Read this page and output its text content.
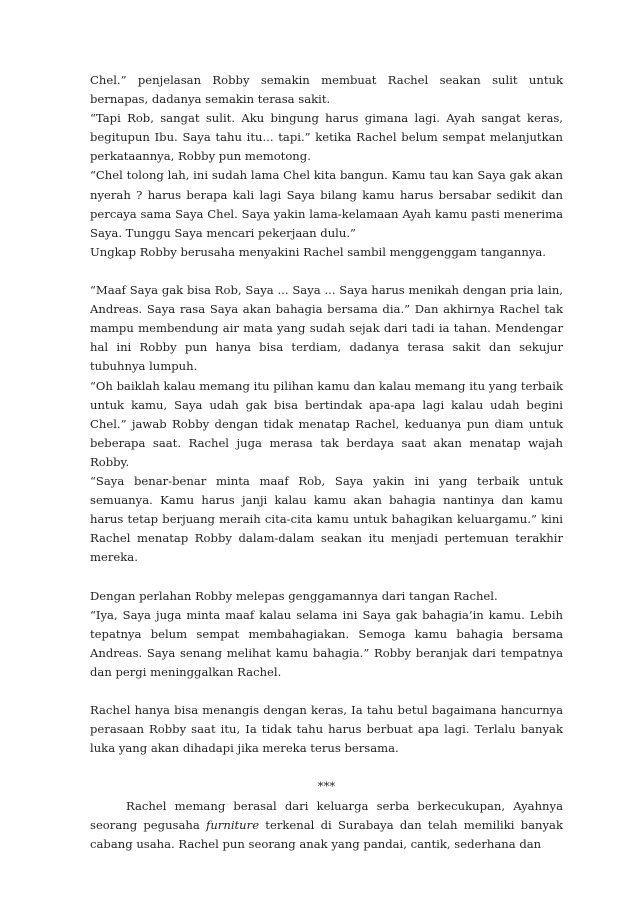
Chel.” penjelasan Robby semakin membuat Rachel seakan sulit untuk bernapas, dadanya semakin terasa sakit.

“Tapi Rob, sangat sulit. Aku bingung harus gimana lagi. Ayah sangat keras, begitupun Ibu. Saya tahu itu... tapi.” ketika Rachel belum sempat melanjutkan perkataannya, Robby pun memotong.

“Chel tolong lah, ini sudah lama Chel kita bangun. Kamu tau kan Saya gak akan nyerah ? harus berapa kali lagi Saya bilang kamu harus bersabar sedikit dan percaya sama Saya Chel. Saya yakin lama-kelamaan Ayah kamu pasti menerima Saya. Tunggu Saya mencari pekerjaan dulu.”

Ungkap Robby berusaha menyakini Rachel sambil menggenggam tangannya.

“Maaf Saya gak bisa Rob, Saya ... Saya ... Saya harus menikah dengan pria lain, Andreas. Saya rasa Saya akan bahagia bersama dia.” Dan akhirnya Rachel tak mampu membendung air mata yang sudah sejak dari tadi ia tahan. Mendengar hal ini Robby pun hanya bisa terdiam, dadanya terasa sakit dan sekujur tubuhnya lumpuh.

“Oh baiklah kalau memang itu pilihan kamu dan kalau memang itu yang terbaik untuk kamu, Saya udah gak bisa bertindak apa-apa lagi kalau udah begini Chel.” jawab Robby dengan tidak menatap Rachel, keduanya pun diam untuk beberapa saat. Rachel juga merasa tak berdaya saat akan menatap wajah Robby.

“Saya benar-benar minta maaf Rob, Saya yakin ini yang terbaik untuk semuanya. Kamu harus janji kalau kamu akan bahagia nantinya dan kamu harus tetap berjuang meraih cita-cita kamu untuk bahagikan keluargamu.” kini Rachel menatap Robby dalam-dalam seakan itu menjadi pertemuan terakhir mereka.

Dengan perlahan Robby melepas genggamannya dari tangan Rachel.

“Iya, Saya juga minta maaf kalau selama ini Saya gak bahagia’in kamu. Lebih tepatnya belum sempat membahagiakan. Semoga kamu bahagia bersama Andreas. Saya senang melihat kamu bahagia.” Robby beranjak dari tempatnya dan pergi meninggalkan Rachel.

Rachel hanya bisa menangis dengan keras, Ia tahu betul bagaimana hancurnya perasaan Robby saat itu, Ia tidak tahu harus berbuat apa lagi. Terlalu banyak luka yang akan dihadapi jika mereka terus bersama.

***

Rachel memang berasal dari keluarga serba berkecukupan, Ayahnya seorang pegusaha furniture terkenal di Surabaya dan telah memiliki banyak cabang usaha. Rachel pun seorang anak yang pandai, cantik, sederhana dan
